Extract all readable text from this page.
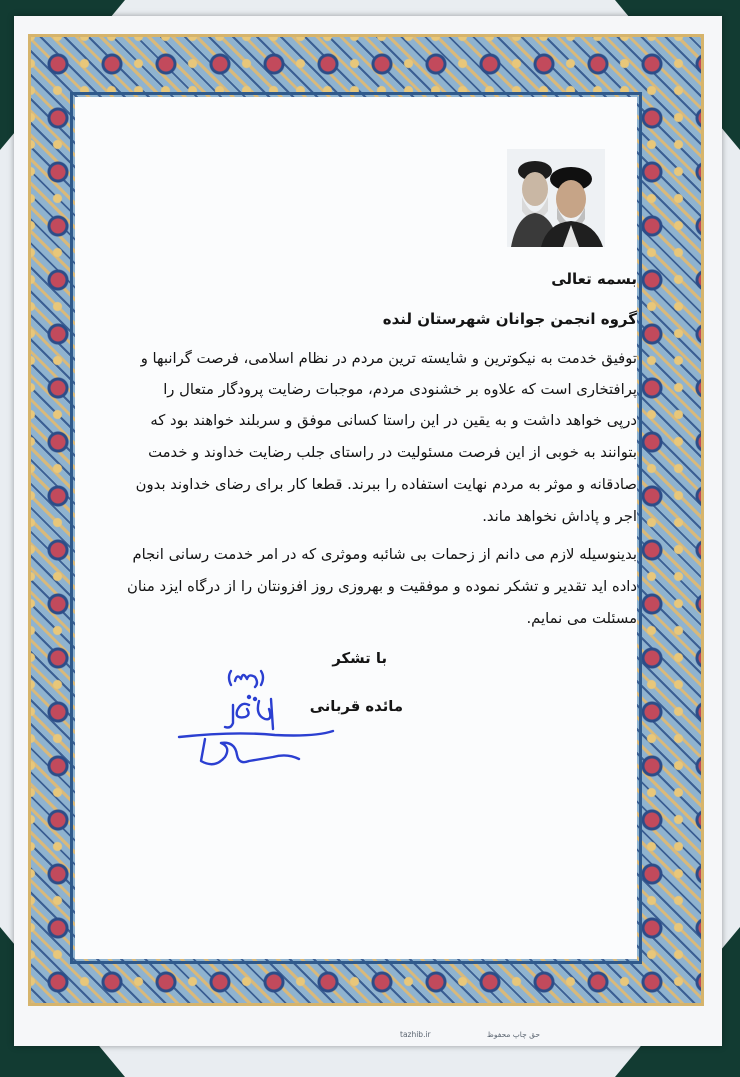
بسمه تعالی
گروه انجمن جوانان شهرستان لنده
توفیق خدمت به نیکوترین و شایسته ترین مردم در نظام اسلامی، فرصت گرانبها و
پرافتخاری است که علاوه بر خشنودی مردم، موجبات رضایت پرودگار متعال را
درپی خواهد داشت و به یقین در این راستا کسانی موفق و سربلند خواهند بود که
بتوانند به خوبی از این فرصت مسئولیت در راستای جلب رضایت خداوند و خدمت
صادقانه و موثر به مردم نهایت استفاده را ببرند. قطعا کار برای رضای خداوند بدون
اجر و پاداش نخواهد ماند.
بدینوسیله لازم می دانم از زحمات بی شائبه وموثری که در امر خدمت رسانی انجام
داده اید تقدیر و تشکر نموده و موفقیت و بهروزی روز افزونتان را از درگاه ایزد منان
مسئلت می نمایم.
با تشکر
مائده قربانی
tazhib.ir	حق چاپ محفوظ
